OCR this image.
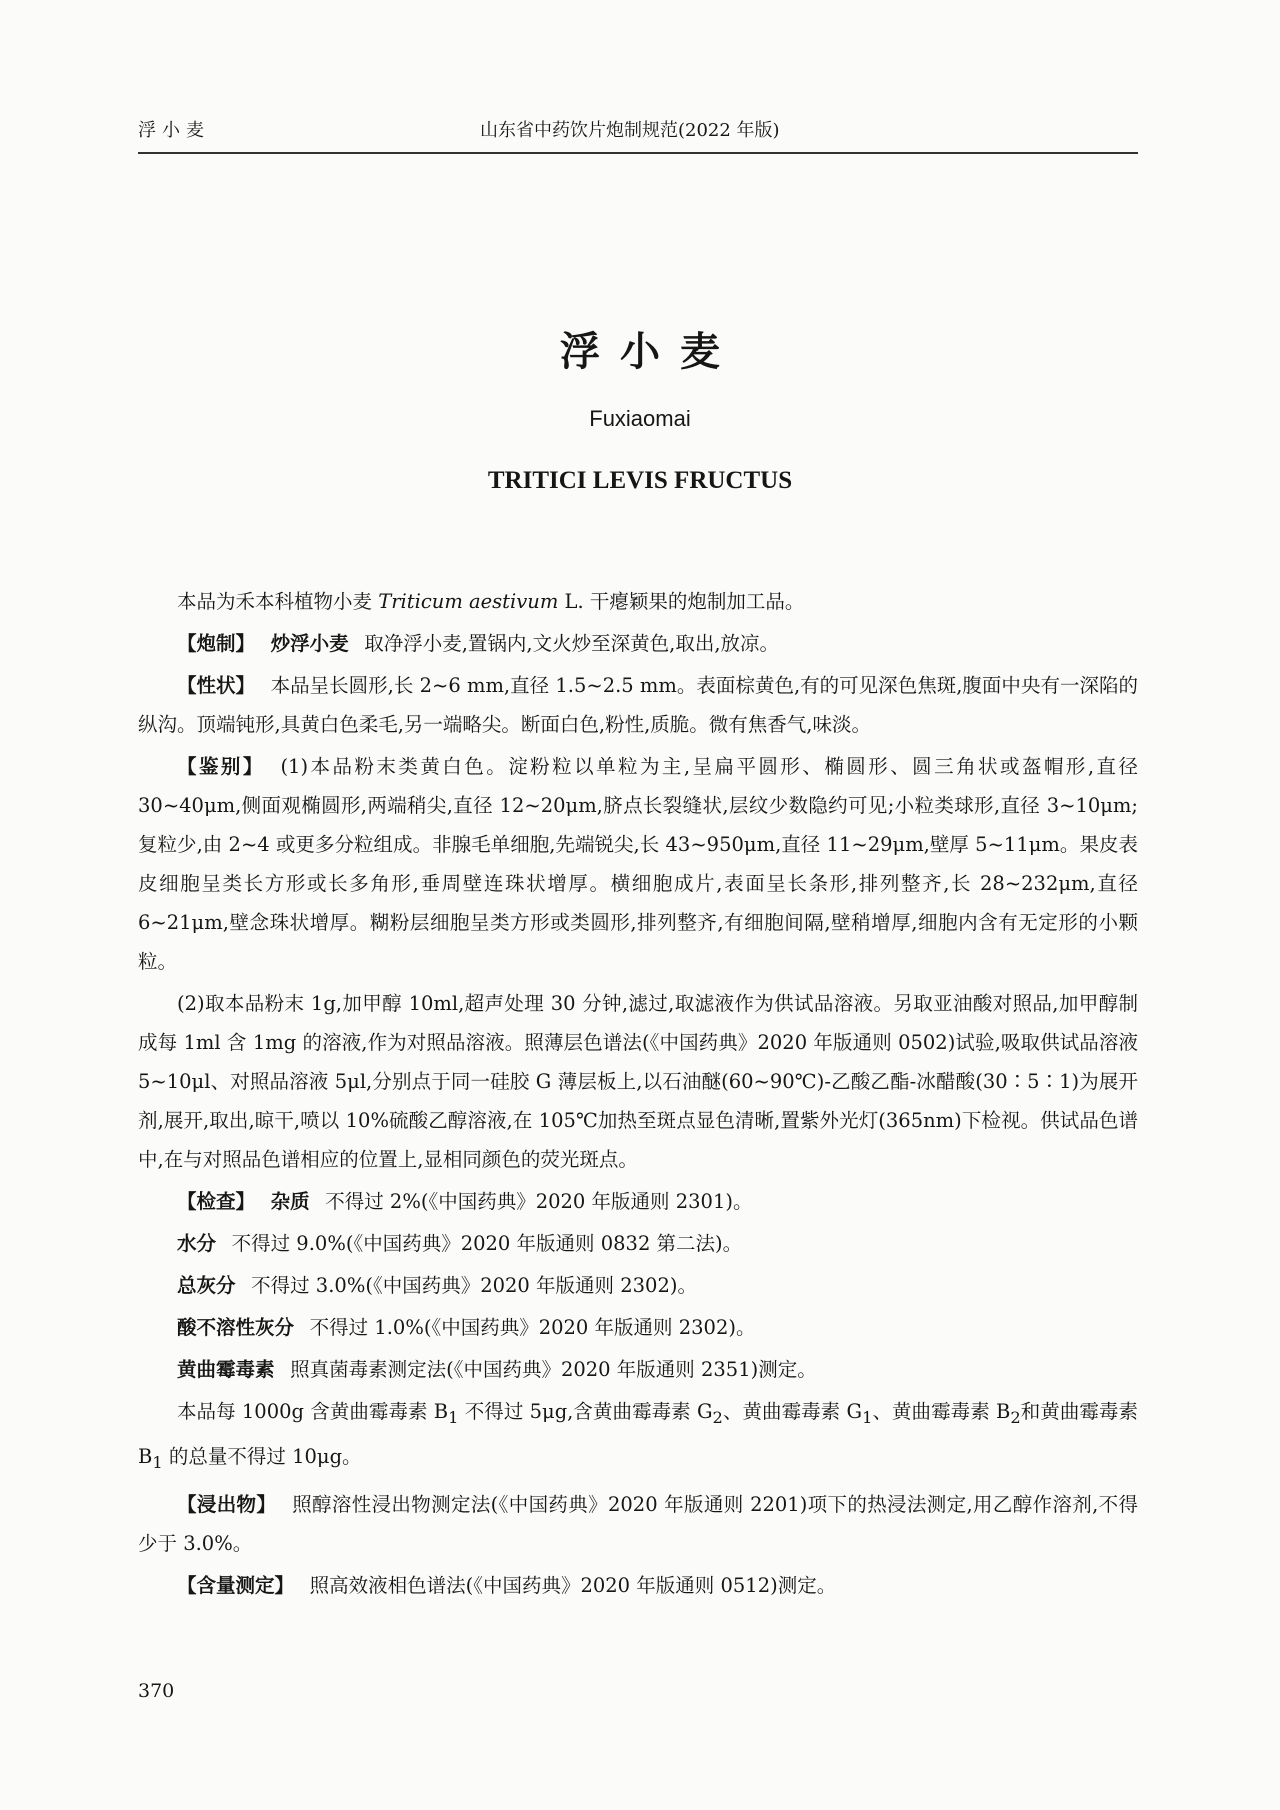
浮小麦	山东省中药饮片炮制规范(2022 年版)
浮小麦
Fuxiaomai
TRITICI LEVIS FRUCTUS

本品为禾本科植物小麦 Triticum aestivum L. 干瘪颖果的炮制加工品。

【炮制】 炒浮小麦 取净浮小麦,置锅内,文火炒至深黄色,取出,放凉。

【性状】 本品呈长圆形,长 2~6 mm,直径 1.5~2.5 mm。表面棕黄色,有的可见深色焦斑,腹面中央有一深陷的纵沟。顶端钝形,具黄白色柔毛,另一端略尖。断面白色,粉性,质脆。微有焦香气,味淡。

【鉴别】 (1)本品粉末类黄白色。淀粉粒以单粒为主,呈扁平圆形、椭圆形、圆三角状或盔帽形,直径 30~40μm,侧面观椭圆形,两端稍尖,直径 12~20μm,脐点长裂缝状,层纹少数隐约可见;小粒类球形,直径 3~10μm;复粒少,由 2~4 或更多分粒组成。非腺毛单细胞,先端锐尖,长 43~950μm,直径 11~29μm,壁厚 5~11μm。果皮表皮细胞呈类长方形或长多角形,垂周壁连珠状增厚。横细胞成片,表面呈长条形,排列整齐,长 28~232μm,直径 6~21μm,壁念珠状增厚。糊粉层细胞呈类方形或类圆形,排列整齐,有细胞间隔,壁稍增厚,细胞内含有无定形的小颗粒。

(2)取本品粉末 1g,加甲醇 10ml,超声处理 30 分钟,滤过,取滤液作为供试品溶液。另取亚油酸对照品,加甲醇制成每 1ml 含 1mg 的溶液,作为对照品溶液。照薄层色谱法(《中国药典》2020 年版通则 0502)试验,吸取供试品溶液 5~10μl、对照品溶液 5μl,分别点于同一硅胶 G 薄层板上,以石油醚(60~90℃)-乙酸乙酯-冰醋酸(30∶5∶1)为展开剂,展开,取出,晾干,喷以 10%硫酸乙醇溶液,在 105℃加热至斑点显色清晰,置紫外光灯(365nm)下检视。供试品色谱中,在与对照品色谱相应的位置上,显相同颜色的荧光斑点。

【检查】 杂质 不得过 2%(《中国药典》2020 年版通则 2301)。

水分 不得过 9.0%(《中国药典》2020 年版通则 0832 第二法)。

总灰分 不得过 3.0%(《中国药典》2020 年版通则 2302)。

酸不溶性灰分 不得过 1.0%(《中国药典》2020 年版通则 2302)。

黄曲霉毒素 照真菌毒素测定法(《中国药典》2020 年版通则 2351)测定。

本品每 1000g 含黄曲霉毒素 $B_1$ 不得过 5μg,含黄曲霉毒素 $G_2$、黄曲霉毒素 $G_1$、黄曲霉毒素 $B_2$和黄曲霉毒素 $B_1$ 的总量不得过 10μg。

【浸出物】 照醇溶性浸出物测定法(《中国药典》2020 年版通则 2201)项下的热浸法测定,用乙醇作溶剂,不得少于 3.0%。

【含量测定】 照高效液相色谱法(《中国药典》2020 年版通则 0512)测定。

370
